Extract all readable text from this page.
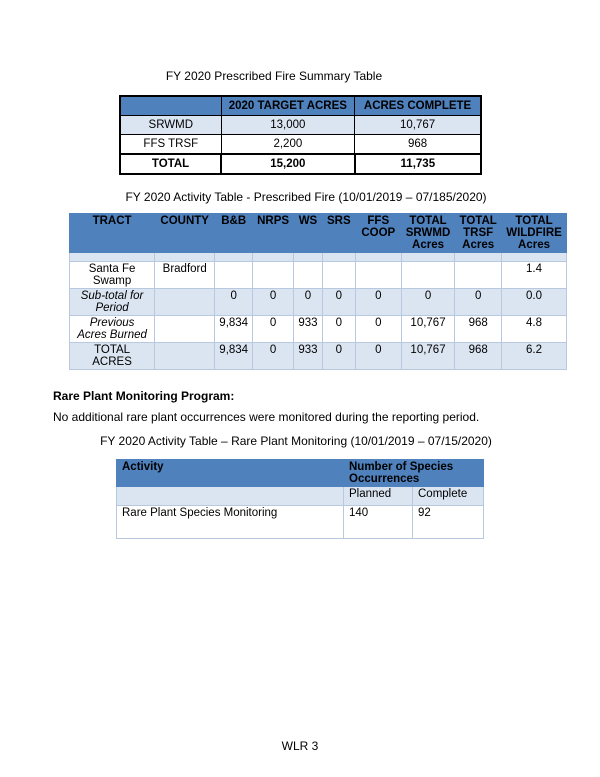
FY 2020 Prescribed Fire Summary Table
	2020 TARGET ACRES	ACRES COMPLETE
SRWMD	13,000	10,767
FFS TRSF	2,200	968
TOTAL	15,200	11,735
FY 2020 Activity Table - Prescribed Fire (10/01/2019 – 07/185/2020)
TRACT	COUNTY	B&B	NRPS	WS	SRS	FFS COOP	TOTAL SRWMD Acres	TOTAL TRSF Acres	TOTAL WILDFIRE Acres

Santa Fe Swamp	Bradford								1.4
Sub-total for Period		0	0	0	0	0	0	0	0.0
Previous Acres Burned		9,834	0	933	0	0	10,767	968	4.8
TOTAL ACRES		9,834	0	933	0	0	10,767	968	6.2
Rare Plant Monitoring Program:
No additional rare plant occurrences were monitored during the reporting period.
FY 2020 Activity Table – Rare Plant Monitoring (10/01/2019 – 07/15/2020)
Activity	Number of Species Occurrences	
	Planned	Complete
Rare Plant Species Monitoring	140	92
WLR 3
